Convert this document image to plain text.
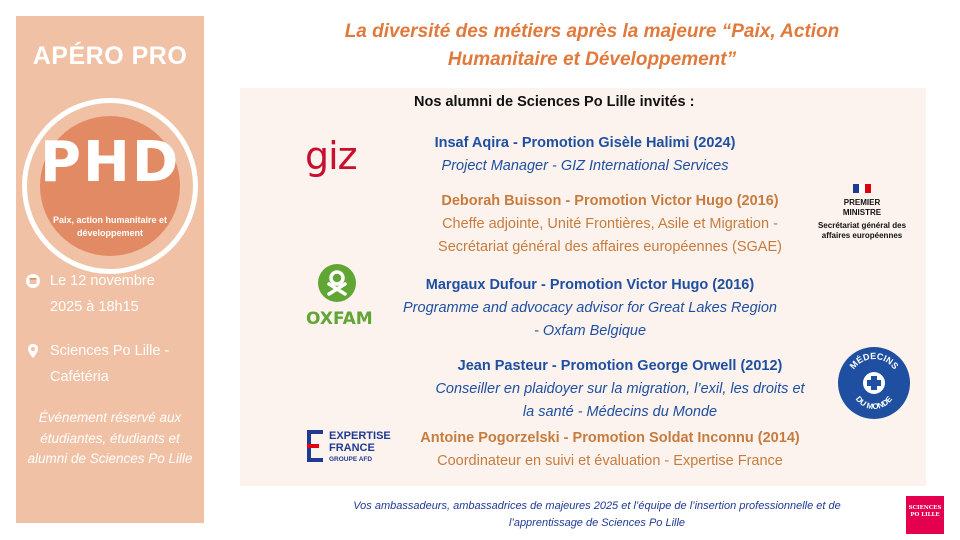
APÉRO PRO
PHD
Paix, action humanitaire et développement
Le 12 novembre
2025 à 18h15
Sciences Po Lille -
Cafétéria
Événement réservé aux étudiantes, étudiants et alumni de Sciences Po Lille
La diversité des métiers après la majeure “Paix, Action
Humanitaire et Développement”
Nos alumni de Sciences Po Lille invités :
Insaf Aqira - Promotion Gisèle Halimi (2024)
Project Manager - GIZ International Services
Deborah Buisson - Promotion Victor Hugo (2016)
Cheffe adjointe, Unité Frontières, Asile et Migration -
Secrétariat général des affaires européennes (SGAE)
Margaux Dufour - Promotion Victor Hugo (2016)
Programme and advocacy advisor for Great Lakes Region
- Oxfam Belgique
Jean Pasteur - Promotion George Orwell (2012)
Conseiller en plaidoyer sur la migration, l’exil, les droits et
la santé - Médecins du Monde
Antoine Pogorzelski - Promotion Soldat Inconnu (2014)
Coordinateur en suivi et évaluation - Expertise France
giz
OXFAM
PREMIER
MINISTRE
Secrétariat général des affaires européennes
MÉDECINS
DU MONDE
EXPERTISE
FRANCE
GROUPE AFD
Vos ambassadeurs, ambassadrices de majeures 2025 et l’équipe de l’insertion professionnelle et de
l’apprentissage de Sciences Po Lille
SCIENCES PO LILLE
